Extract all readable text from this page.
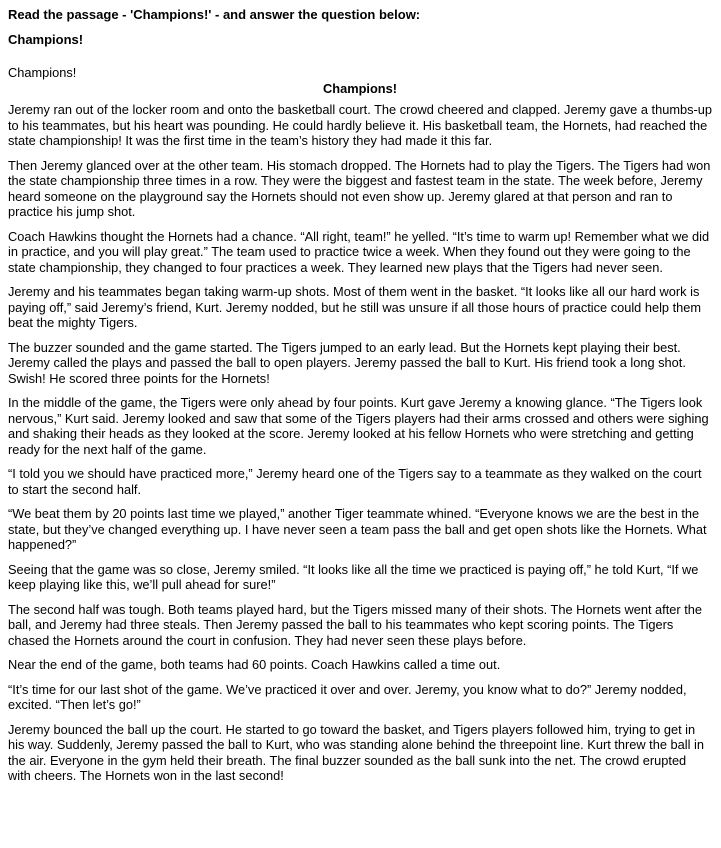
Read the passage - 'Champions!' - and answer the question below:
Champions!
Champions!
Champions!

Jeremy ran out of the locker room and onto the basketball court. The crowd cheered and clapped. Jeremy gave a thumbs-up to his teammates, but his heart was pounding. He could hardly believe it. His basketball team, the Hornets, had reached the state championship! It was the first time in the team’s history they had made it this far.

Then Jeremy glanced over at the other team. His stomach dropped. The Hornets had to play the Tigers. The Tigers had won the state championship three times in a row. They were the biggest and fastest team in the state. The week before, Jeremy heard someone on the playground say the Hornets should not even show up. Jeremy glared at that person and ran to practice his jump shot.

Coach Hawkins thought the Hornets had a chance. “All right, team!” he yelled. “It’s time to warm up! Remember what we did in practice, and you will play great.” The team used to practice twice a week. When they found out they were going to the state championship, they changed to four practices a week. They learned new plays that the Tigers had never seen.

Jeremy and his teammates began taking warm-up shots. Most of them went in the basket. “It looks like all our hard work is paying off,” said Jeremy’s friend, Kurt. Jeremy nodded, but he still was unsure if all those hours of practice could help them beat the mighty Tigers.

The buzzer sounded and the game started. The Tigers jumped to an early lead. But the Hornets kept playing their best. Jeremy called the plays and passed the ball to open players. Jeremy passed the ball to Kurt. His friend took a long shot. Swish! He scored three points for the Hornets!

In the middle of the game, the Tigers were only ahead by four points. Kurt gave Jeremy a knowing glance. “The Tigers look nervous,” Kurt said. Jeremy looked and saw that some of the Tigers players had their arms crossed and others were sighing and shaking their heads as they looked at the score. Jeremy looked at his fellow Hornets who were stretching and getting ready for the next half of the game.

“I told you we should have practiced more,” Jeremy heard one of the Tigers say to a teammate as they walked on the court to start the second half.

“We beat them by 20 points last time we played,” another Tiger teammate whined. “Everyone knows we are the best in the state, but they’ve changed everything up. I have never seen a team pass the ball and get open shots like the Hornets. What happened?”

Seeing that the game was so close, Jeremy smiled. “It looks like all the time we practiced is paying off,” he told Kurt, “If we keep playing like this, we’ll pull ahead for sure!”

The second half was tough. Both teams played hard, but the Tigers missed many of their shots. The Hornets went after the ball, and Jeremy had three steals. Then Jeremy passed the ball to his teammates who kept scoring points. The Tigers chased the Hornets around the court in confusion. They had never seen these plays before.

Near the end of the game, both teams had 60 points. Coach Hawkins called a time out.

“It’s time for our last shot of the game. We’ve practiced it over and over. Jeremy, you know what to do?” Jeremy nodded, excited. “Then let’s go!”

Jeremy bounced the ball up the court. He started to go toward the basket, and Tigers players followed him, trying to get in his way. Suddenly, Jeremy passed the ball to Kurt, who was standing alone behind the threepoint line. Kurt threw the ball in the air. Everyone in the gym held their breath. The final buzzer sounded as the ball sunk into the net. The crowd erupted with cheers. The Hornets won in the last second!
